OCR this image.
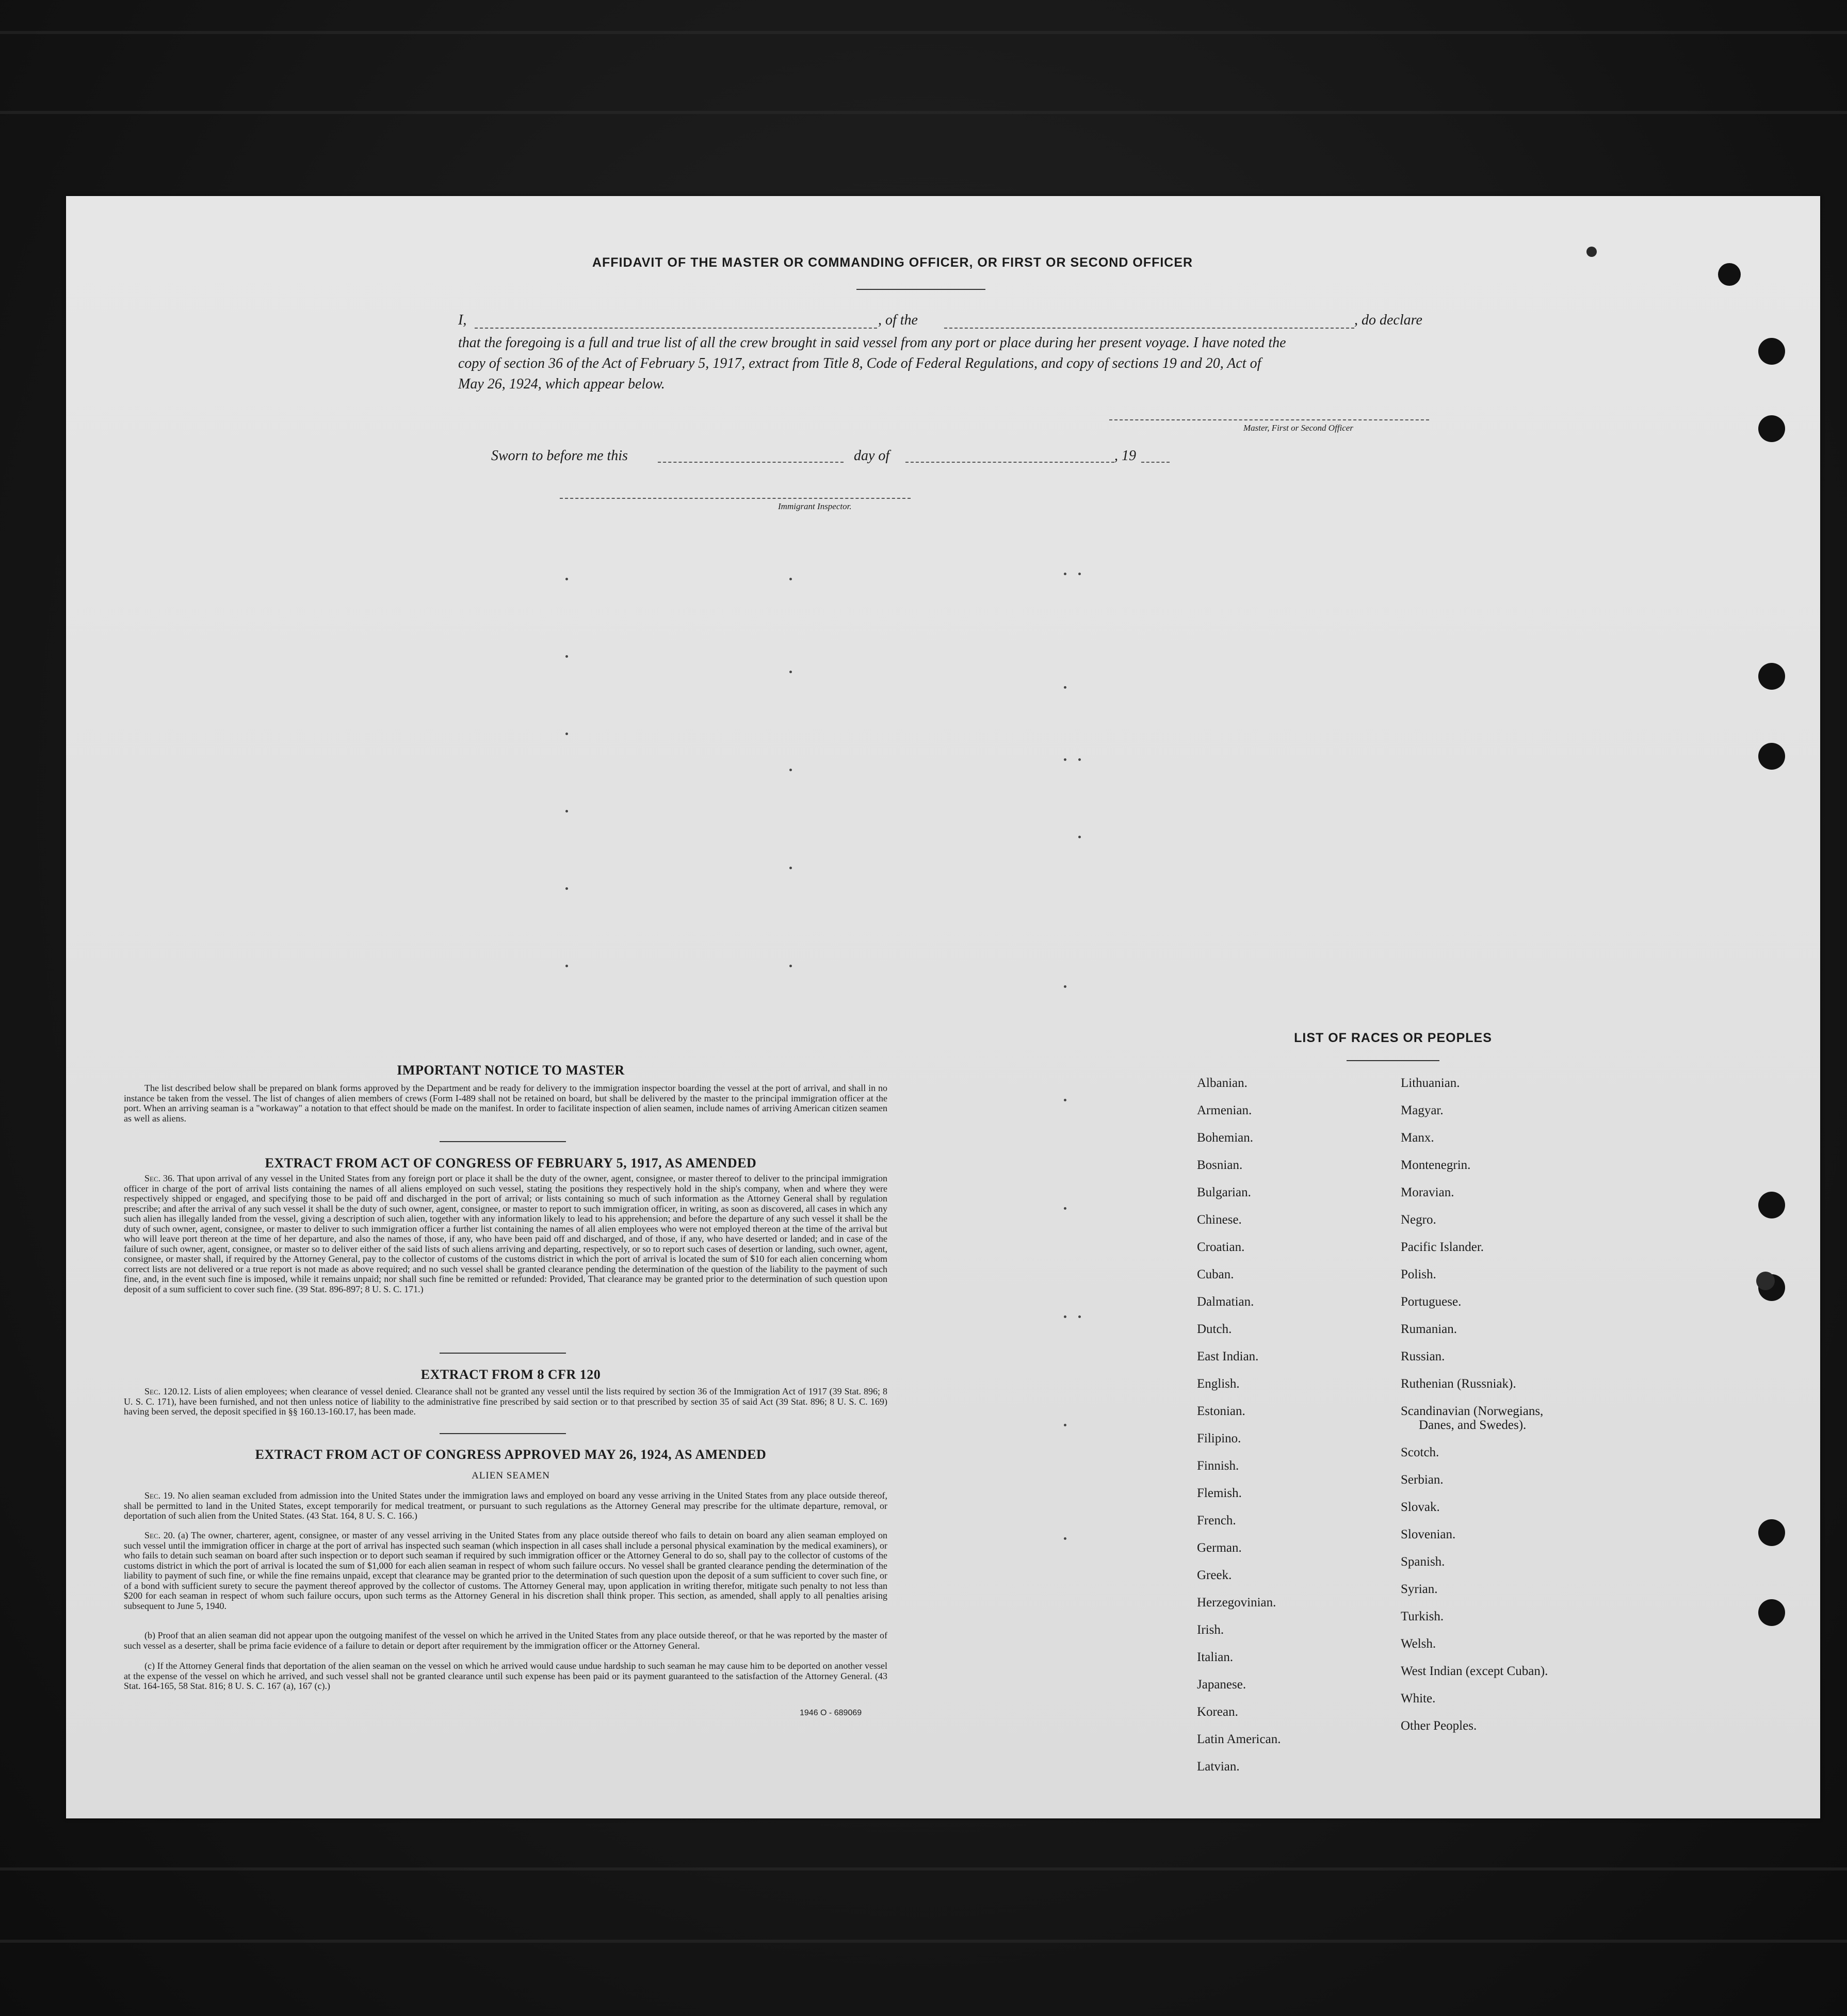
AFFIDAVIT OF THE MASTER OR COMMANDING OFFICER, OR FIRST OR SECOND OFFICER
I,	, of the	, do declare
that the foregoing is a full and true list of all the crew brought in said vessel from any port or place during her present voyage. I have noted the
copy of section 36 of the Act of February 5, 1917, extract from Title 8, Code of Federal Regulations, and copy of sections 19 and 20, Act of
May 26, 1924, which appear below.
Master, First or Second Officer
Sworn to before me this	day of	, 19
Immigrant Inspector.
IMPORTANT NOTICE TO MASTER

The list described below shall be prepared on blank forms approved by the Department and be ready for delivery to the immigration inspector boarding the vessel at the port of arrival, and shall in no instance be taken from the vessel. The list of changes of alien members of crews (Form I-489 shall not be retained on board, but shall be delivered by the master to the principal immigration officer at the port. When an arriving seaman is a "workaway" a notation to that effect should be made on the manifest. In order to facilitate inspection of alien seamen, include names of arriving American citizen seamen as well as aliens.

EXTRACT FROM ACT OF CONGRESS OF FEBRUARY 5, 1917, AS AMENDED

Sec. 36. That upon arrival of any vessel in the United States from any foreign port or place it shall be the duty of the owner, agent, consignee, or master thereof to deliver to the principal immigration officer in charge of the port of arrival lists containing the names of all aliens employed on such vessel, stating the positions they respectively hold in the ship's company, when and where they were respectively shipped or engaged, and specifying those to be paid off and discharged in the port of arrival; or lists containing so much of such information as the Attorney General shall by regulation prescribe; and after the arrival of any such vessel it shall be the duty of such owner, agent, consignee, or master to report to such immigration officer, in writing, as soon as discovered, all cases in which any such alien has illegally landed from the vessel, giving a description of such alien, together with any information likely to lead to his apprehension; and before the departure of any such vessel it shall be the duty of such owner, agent, consignee, or master to deliver to such immigration officer a further list containing the names of all alien employees who were not employed thereon at the time of the arrival but who will leave port thereon at the time of her departure, and also the names of those, if any, who have been paid off and discharged, and of those, if any, who have deserted or landed; and in case of the failure of such owner, agent, consignee, or master so to deliver either of the said lists of such aliens arriving and departing, respectively, or so to report such cases of desertion or landing, such owner, agent, consignee, or master shall, if required by the Attorney General, pay to the collector of customs of the customs district in which the port of arrival is located the sum of $10 for each alien concerning whom correct lists are not delivered or a true report is not made as above required; and no such vessel shall be granted clearance pending the determination of the question of the liability to the payment of such fine, and, in the event such fine is imposed, while it remains unpaid; nor shall such fine be remitted or refunded: Provided, That clearance may be granted prior to the determination of such question upon deposit of a sum sufficient to cover such fine. (39 Stat. 896-897; 8 U. S. C. 171.)

EXTRACT FROM 8 CFR 120

Sec. 120.12. Lists of alien employees; when clearance of vessel denied. Clearance shall not be granted any vessel until the lists required by section 36 of the Immigration Act of 1917 (39 Stat. 896; 8 U. S. C. 171), have been furnished, and not then unless notice of liability to the administrative fine prescribed by said section or to that prescribed by section 35 of said Act (39 Stat. 896; 8 U. S. C. 169) having been served, the deposit specified in §§ 160.13-160.17, has been made.

EXTRACT FROM ACT OF CONGRESS APPROVED MAY 26, 1924, AS AMENDED
ALIEN SEAMEN

Sec. 19. No alien seaman excluded from admission into the United States under the immigration laws and employed on board any vesse arriving in the United States from any place outside thereof, shall be permitted to land in the United States, except temporarily for medical treatment, or pursuant to such regulations as the Attorney General may prescribe for the ultimate departure, removal, or deportation of such alien from the United States. (43 Stat. 164, 8 U. S. C. 166.)

Sec. 20. (a) The owner, charterer, agent, consignee, or master of any vessel arriving in the United States from any place outside thereof who fails to detain on board any alien seaman employed on such vessel until the immigration officer in charge at the port of arrival has inspected such seaman (which inspection in all cases shall include a personal physical examination by the medical examiners), or who fails to detain such seaman on board after such inspection or to deport such seaman if required by such immigration officer or the Attorney General to do so, shall pay to the collector of customs of the customs district in which the port of arrival is located the sum of $1,000 for each alien seaman in respect of whom such failure occurs. No vessel shall be granted clearance pending the determination of the liability to payment of such fine, or while the fine remains unpaid, except that clearance may be granted prior to the determination of such question upon the deposit of a sum sufficient to cover such fine, or of a bond with sufficient surety to secure the payment thereof approved by the collector of customs. The Attorney General may, upon application in writing therefor, mitigate such penalty to not less than $200 for each seaman in respect of whom such failure occurs, upon such terms as the Attorney General in his discretion shall think proper. This section, as amended, shall apply to all penalties arising subsequent to June 5, 1940.

(b) Proof that an alien seaman did not appear upon the outgoing manifest of the vessel on which he arrived in the United States from any place outside thereof, or that he was reported by the master of such vessel as a deserter, shall be prima facie evidence of a failure to detain or deport after requirement by the immigration officer or the Attorney General.

(c) If the Attorney General finds that deportation of the alien seaman on the vessel on which he arrived would cause undue hardship to such seaman he may cause him to be deported on another vessel at the expense of the vessel on which he arrived, and such vessel shall not be granted clearance until such expense has been paid or its payment guaranteed to the satisfaction of the Attorney General. (43 Stat. 164-165, 58 Stat. 816; 8 U. S. C. 167 (a), 167 (c).)

1946 O - 689069
LIST OF RACES OR PEOPLES
Albanian.
Armenian.
Bohemian.
Bosnian.
Bulgarian.
Chinese.
Croatian.
Cuban.
Dalmatian.
Dutch.
East Indian.
English.
Estonian.
Filipino.
Finnish.
Flemish.
French.
German.
Greek.
Herzegovinian.
Irish.
Italian.
Japanese.
Korean.
Latin American.
Latvian.
Lithuanian.
Magyar.
Manx.
Montenegrin.
Moravian.
Negro.
Pacific Islander.
Polish.
Portuguese.
Rumanian.
Russian.
Ruthenian (Russniak).
Scandinavian (Norwegians,
Danes, and Swedes).
Scotch.
Serbian.
Slovak.
Slovenian.
Spanish.
Syrian.
Turkish.
Welsh.
West Indian (except Cuban).
White.
Other Peoples.
